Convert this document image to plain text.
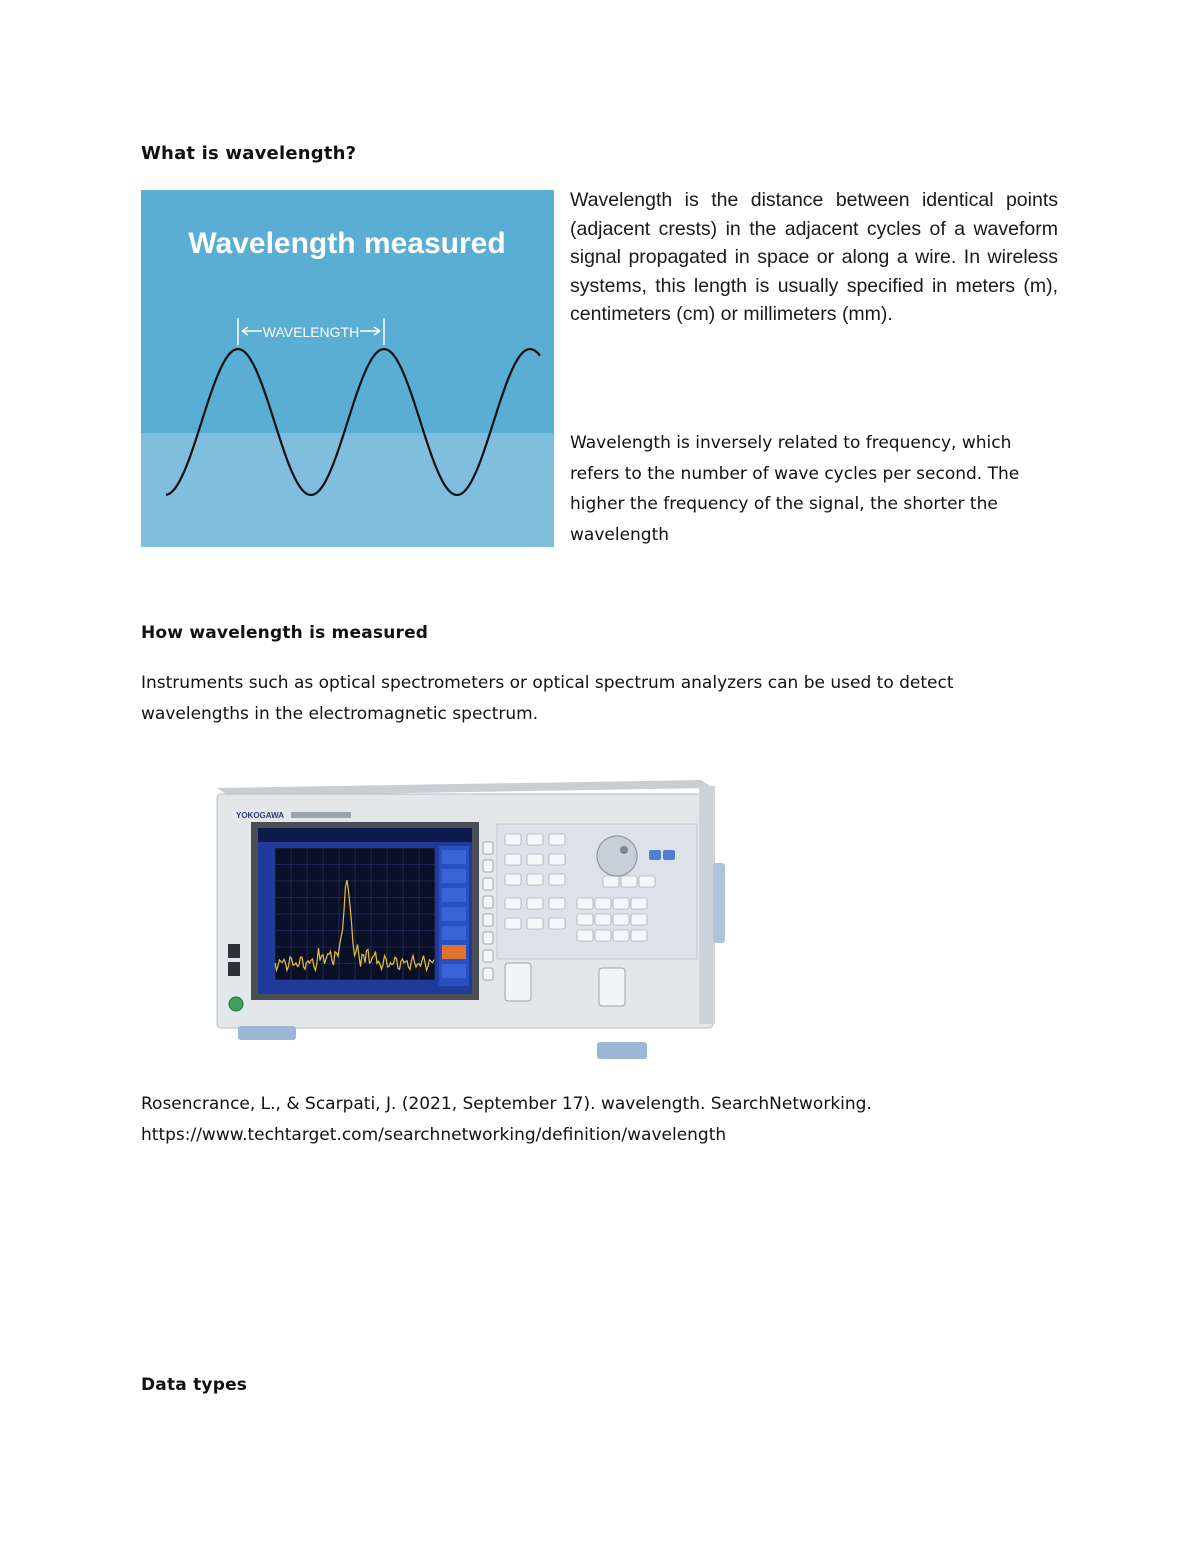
What is wavelength?
Wavelength measured
WAVELENGTH
Wavelength is the distance between identical points (adjacent crests) in the adjacent cycles of a waveform signal propagated in space or along a wire. In wireless systems, this length is usually specified in meters (m), centimeters (cm) or millimeters (mm).
Wavelength is inversely related to frequency, which refers to the number of wave cycles per second. The higher the frequency of the signal, the shorter the wavelength
How wavelength is measured
Instruments such as optical spectrometers or optical spectrum analyzers can be used to detect wavelengths in the electromagnetic spectrum.
YOKOGAWA
Rosencrance, L., & Scarpati, J. (2021, September 17). wavelength. SearchNetworking.
https://www.techtarget.com/searchnetworking/definition/wavelength
Data types
